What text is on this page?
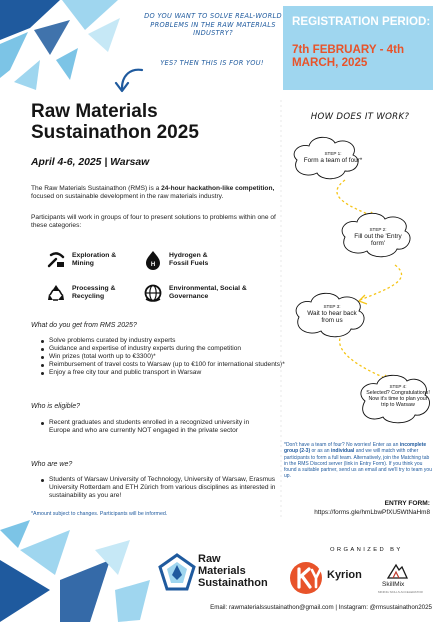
DO YOU WANT TO SOLVE REAL-WORLD PROBLEMS IN THE RAW MATERIALS INDUSTRY?
YES? THEN THIS IS FOR YOU!
REGISTRATION PERIOD:
7th FEBRUARY - 4th MARCH, 2025
Raw Materials Sustainathon 2025
April 4-6, 2025 | Warsaw
The Raw Materials Sustainathon (RMS) is a 24-hour hackathon-like competition, focused on sustainable development in the raw materials industry.
Participants will work in groups of four to present solutions to problems within one of these categories:
Exploration & Mining	H
Hydrogen & Fossil Fuels
Processing & Recycling
Environmental, Social & Governance
What do you get from RMS 2025?
Solve problems curated by industry experts
Guidance and expertise of industry experts during the competition
Win prizes (total worth up to €3300)*
Reimbursement of travel costs to Warsaw (up to €100 for international students)*
Enjoy a free city tour and public transport in Warsaw
Who is eligible?
Recent graduates and students enrolled in a recognized university in Europe and who are currently NOT engaged in the private sector
Who are we?
Students of Warsaw University of Technology, University of Warsaw, Erasmus University Rotterdam and ETH Zürich from various disciplines as interested in sustainability as you are!
*Amount subject to changes. Participants will be informed.
HOW DOES IT WORK?
STEP 1:
Form a team of four*
STEP 2:
Fill out the 'Entry form'
STEP 3:
Wait to hear back from us
STEP 4:
Selected? Congratulations! Now it's time to plan your trip to Warsaw
*Don't have a team of four? No worries! Enter as an incomplete group (2-3) or as an individual and we will match with other participants to form a full team. Alternatively, join the Matching tab in the RMS Discord server (link in Entry Form). If you think you found a suitable partner, send us an email and we'll try to team you up.
ENTRY FORM:
https://forms.gle/hmLbwPfXU5WtNaHm8
ORGANIZED BY
Raw
Materials
Sustainathon
Kyrion
SkillMix
MINING SKILLS ACCELERATOR
Email: rawmaterialssustainathon@gmail.com | Instagram: @rmsustainathon2025
